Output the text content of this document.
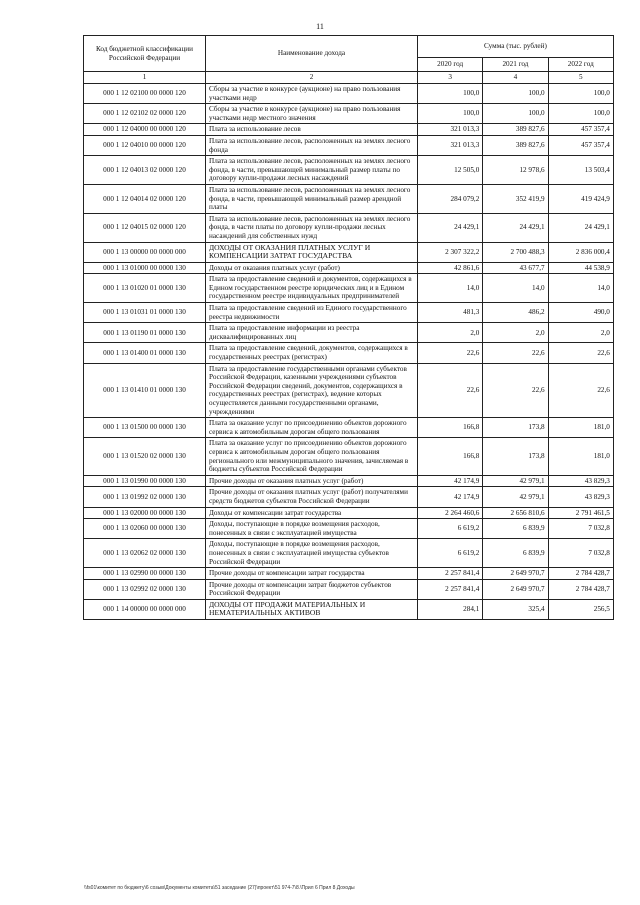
11
Код бюджетной классификации Российской Федерации	Наименование дохода	Сумма (тыс. рублей)		
		2020 год	2021 год	2022 год
1	2	3	4	5
000 1 12 02100 00 0000 120	Сборы за участие в конкурсе (аукционе) на право пользования участками недр	100,0	100,0	100,0
000 1 12 02102 02 0000 120	Сборы за участие в конкурсе (аукционе) на право пользования участками недр местного значения	100,0	100,0	100,0
000 1 12 04000 00 0000 120	Плата за использование лесов	321 013,3	389 827,6	457 357,4
000 1 12 04010 00 0000 120	Плата за использование лесов, расположенных на землях лесного фонда	321 013,3	389 827,6	457 357,4
000 1 12 04013 02 0000 120	Плата за использование лесов, расположенных на землях лесного фонда, в части, превышающей минимальный размер платы по договору купли-продажи лесных насаждений	12 505,0	12 978,6	13 503,4
000 1 12 04014 02 0000 120	Плата за использование лесов, расположенных на землях лесного фонда, в части, превышающей минимальный размер арендной платы	284 079,2	352 419,9	419 424,9
000 1 12 04015 02 0000 120	Плата за использование лесов, расположенных на землях лесного фонда, в части платы по договору купли-продажи лесных насаждений для собственных нужд	24 429,1	24 429,1	24 429,1
000 1 13 00000 00 0000 000	ДОХОДЫ ОТ ОКАЗАНИЯ ПЛАТНЫХ УСЛУГ И КОМПЕНСАЦИИ ЗАТРАТ ГОСУДАРСТВА	2 307 322,2	2 700 488,3	2 836 000,4
000 1 13 01000 00 0000 130	Доходы от оказания платных услуг (работ)	42 861,6	43 677,7	44 538,9
000 1 13 01020 01 0000 130	Плата за предоставление сведений и документов, содержащихся в Едином государственном реестре юридических лиц и в Едином государственном реестре индивидуальных предпринимателей	14,0	14,0	14,0
000 1 13 01031 01 0000 130	Плата за предоставление сведений из Единого государственного реестра недвижимости	481,3	486,2	490,0
000 1 13 01190 01 0000 130	Плата за предоставление информации из реестра дисквалифицированных лиц	2,0	2,0	2,0
000 1 13 01400 01 0000 130	Плата за предоставление сведений, документов, содержащихся в государственных реестрах (регистрах)	22,6	22,6	22,6
000 1 13 01410 01 0000 130	Плата за предоставление государственными органами субъектов Российской Федерации, казенными учреждениями субъектов Российской Федерации сведений, документов, содержащихся в государственных реестрах (регистрах), ведение которых осуществляется данными государственными органами, учреждениями	22,6	22,6	22,6
000 1 13 01500 00 0000 130	Плата за оказание услуг по присоединению объектов дорожного сервиса к автомобильным дорогам общего пользования	166,8	173,8	181,0
000 1 13 01520 02 0000 130	Плата за оказание услуг по присоединению объектов дорожного сервиса к автомобильным дорогам общего пользования регионального или межмуниципального значения, зачисляемая в бюджеты субъектов Российской Федерации	166,8	173,8	181,0
000 1 13 01990 00 0000 130	Прочие доходы от оказания платных услуг (работ)	42 174,9	42 979,1	43 829,3
000 1 13 01992 02 0000 130	Прочие доходы от оказания платных услуг (работ) получателями средств бюджетов субъектов Российской Федерации	42 174,9	42 979,1	43 829,3
000 1 13 02000 00 0000 130	Доходы от компенсации затрат государства	2 264 460,6	2 656 810,6	2 791 461,5
000 1 13 02060 00 0000 130	Доходы, поступающие в порядке возмещения расходов, понесенных в связи с эксплуатацией имущества	6 619,2	6 839,9	7 032,8
000 1 13 02062 02 0000 130	Доходы, поступающие в порядке возмещения расходов, понесенных в связи с эксплуатацией имущества субъектов Российской Федерации	6 619,2	6 839,9	7 032,8
000 1 13 02990 00 0000 130	Прочие доходы от компенсации затрат государства	2 257 841,4	2 649 970,7	2 784 428,7
000 1 13 02992 02 0000 130	Прочие доходы от компенсации затрат бюджетов субъектов Российской Федерации	2 257 841,4	2 649 970,7	2 784 428,7
000 1 14 00000 00 0000 000	ДОХОДЫ ОТ ПРОДАЖИ МАТЕРИАЛЬНЫХ И НЕМАТЕРИАЛЬНЫХ АКТИВОВ	284,1	325,4	256,5
\\fs01\комитет по бюджету\6 созыв\Документы комитета\51 заседание (27)\проект\51 974-7\8.\Прил 6 Прил 8 Доходы
